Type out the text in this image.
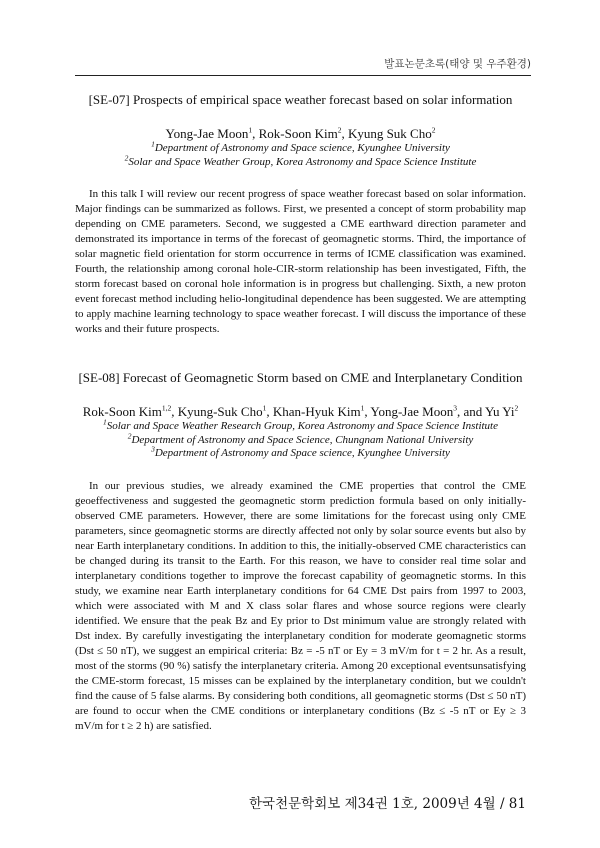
발표논문초록(태양 및 우주환경)

[SE-07] Prospects of empirical space weather forecast based on solar information

Yong-Jae Moon$^1$, Rok-Soon Kim$^2$, Kyung Suk Cho$^2$

$^1$Department of Astronomy and Space science, Kyunghee University

$^2$Solar and Space Weather Group, Korea Astronomy and Space Science Institute

In this talk I will review our recent progress of space weather forecast based on solar information. Major findings can be summarized as follows. First, we presented a concept of storm probability map depending on CME parameters. Second, we suggested a CME earthward direction parameter and demonstrated its importance in terms of the forecast of geomagnetic storms. Third, the importance of solar magnetic field orientation for storm occurrence in terms of ICME classification was examined. Fourth, the relationship among coronal hole-CIR-storm relationship has been investigated, Fifth, the storm forecast based on coronal hole information is in progress but challenging. Sixth, a new proton event forecast method including helio-longitudinal dependence has been suggested. We are attempting to apply machine learning technology to space weather forecast. I will discuss the importance of these works and their future prospects.

[SE-08] Forecast of Geomagnetic Storm based on CME and Interplanetary Condition

Rok-Soon Kim$^{1,2}$, Kyung-Suk Cho$^1$, Khan-Hyuk Kim$^1$, Yong-Jae Moon$^3$, and Yu Yi$^2$

$^1$Solar and Space Weather Research Group, Korea Astronomy and Space Science Institute

$^2$Department of Astronomy and Space Science, Chungnam National University

$^3$Department of Astronomy and Space science, Kyunghee University

In our previous studies, we already examined the CME properties that control the CME geoeffectiveness and suggested the geomagnetic storm prediction formula based on only initially-observed CME parameters. However, there are some limitations for the forecast using only CME parameters, since geomagnetic storms are directly affected not only by solar source events but also by near Earth interplanetary conditions. In addition to this, the initially-observed CME characteristics can be changed during its transit to the Earth. For this reason, we have to consider real time solar and interplanetary conditions together to improve the forecast capability of geomagnetic storms. In this study, we examine near Earth interplanetary conditions for 64 CME Dst pairs from 1997 to 2003, which were associated with M and X class solar flares and whose source regions were clearly identified. We ensure that the peak Bz and Ey prior to Dst minimum value are strongly related with Dst index. By carefully investigating the interplanetary condition for moderate geomagnetic storms (Dst ≤ 50 nT), we suggest an empirical criteria: Bz = -5 nT or Ey = 3 mV/m for t = 2 hr. As a result, most of the storms (90 %) satisfy the interplanetary criteria. Among 20 exceptional eventsunsatisfying the CME-storm forecast, 15 misses can be explained by the interplanetary condition, but we couldn't find the cause of 5 false alarms. By considering both conditions, all geomagnetic storms (Dst ≤ 50 nT) are found to occur when the CME conditions or interplanetary conditions (Bz ≤ -5 nT or Ey ≥ 3 mV/m for t ≥ 2 h) are satisfied.

한국천문학회보 제34권 1호, 2009년 4월 / 81
